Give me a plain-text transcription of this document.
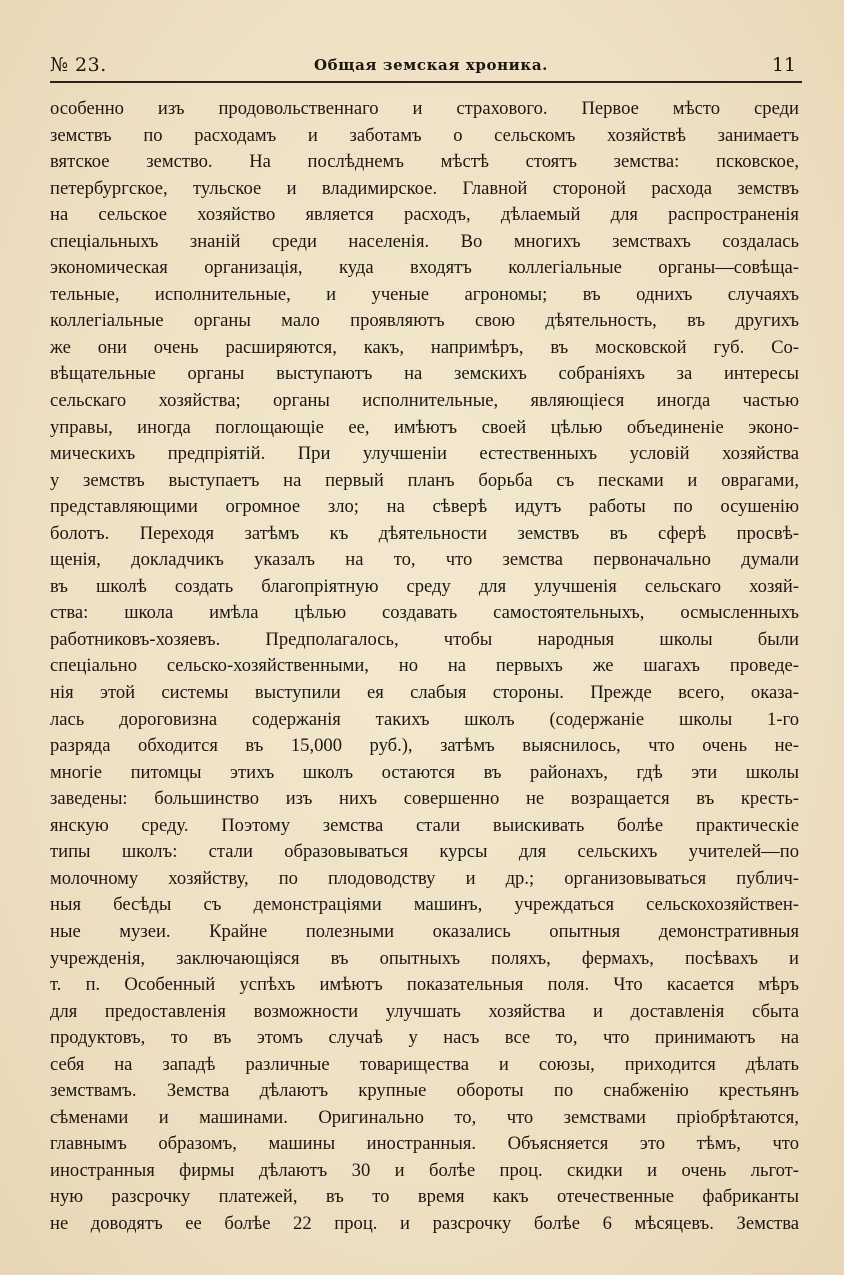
№ 23.	Общая земская хроника.	11
особенно изъ продовольственнаго и страхового. Первое мѣсто среди
земствъ по расходамъ и заботамъ о сельскомъ хозяйствѣ занимаетъ
вятское земство. На послѣднемъ мѣстѣ стоятъ земства: псковское,
петербургское, тульское и владимирское. Главной стороной расхода земствъ
на сельское хозяйство является расходъ, дѣлаемый для распространенія
спеціальныхъ знаній среди населенія. Во многихъ земствахъ создалась
экономическая организація, куда входятъ коллегіальные органы—совѣща-
тельные, исполнительные, и ученые агрономы; въ однихъ случаяхъ
коллегіальные органы мало проявляютъ свою дѣятельность, въ другихъ
же они очень расширяются, какъ, напримѣръ, въ московской губ. Со-
вѣщательные органы выступаютъ на земскихъ собраніяхъ за интересы
сельскаго хозяйства; органы исполнительные, являющіеся иногда частью
управы, иногда поглощающіе ее, имѣютъ своей цѣлью объединеніе эконо-
мическихъ предпріятій. При улучшеніи естественныхъ условій хозяйства
у земствъ выступаетъ на первый планъ борьба съ песками и оврагами,
представляющими огромное зло; на сѣверѣ идутъ работы по осушенію
болотъ. Переходя затѣмъ къ дѣятельности земствъ въ сферѣ просвѣ-
щенія, докладчикъ указалъ на то, что земства первоначально думали
въ школѣ создать благопріятную среду для улучшенія сельскаго хозяй-
ства: школа имѣла цѣлью создавать самостоятельныхъ, осмысленныхъ
работниковъ-хозяевъ. Предполагалось, чтобы народныя школы были
спеціально сельско-хозяйственными, но на первыхъ же шагахъ проведе-
нія этой системы выступили ея слабыя стороны. Прежде всего, оказа-
лась дороговизна содержанія такихъ школъ (содержаніе школы 1-го
разряда обходится въ 15,000 руб.), затѣмъ выяснилось, что очень не-
многіе питомцы этихъ школъ остаются въ районахъ, гдѣ эти школы
заведены: большинство изъ нихъ совершенно не возращается въ кресть-
янскую среду. Поэтому земства стали выискивать болѣе практическіе
типы школъ: стали образовываться курсы для сельскихъ учителей—по
молочному хозяйству, по плодоводству и др.; организовываться публич-
ныя бесѣды съ демонстраціями машинъ, учреждаться сельскохозяйствен-
ные музеи. Крайне полезными оказались опытныя демонстративныя
учрежденія, заключающіяся въ опытныхъ поляхъ, фермахъ, посѣвахъ и
т. п. Особенный успѣхъ имѣютъ показательныя поля. Что касается мѣръ
для предоставленія возможности улучшать хозяйства и доставленія сбыта
продуктовъ, то въ этомъ случаѣ у насъ все то, что принимаютъ на
себя на западѣ различные товарищества и союзы, приходится дѣлать
земствамъ. Земства дѣлаютъ крупные обороты по снабженію крестьянъ
сѣменами и машинами. Оригинально то, что земствами пріобрѣтаются,
главнымъ образомъ, машины иностранныя. Объясняется это тѣмъ, что
иностранныя фирмы дѣлаютъ 30 и болѣе проц. скидки и очень льгот-
ную разсрочку платежей, въ то время какъ отечественные фабриканты
не доводятъ ее болѣе 22 проц. и разсрочку болѣе 6 мѣсяцевъ. Земства
